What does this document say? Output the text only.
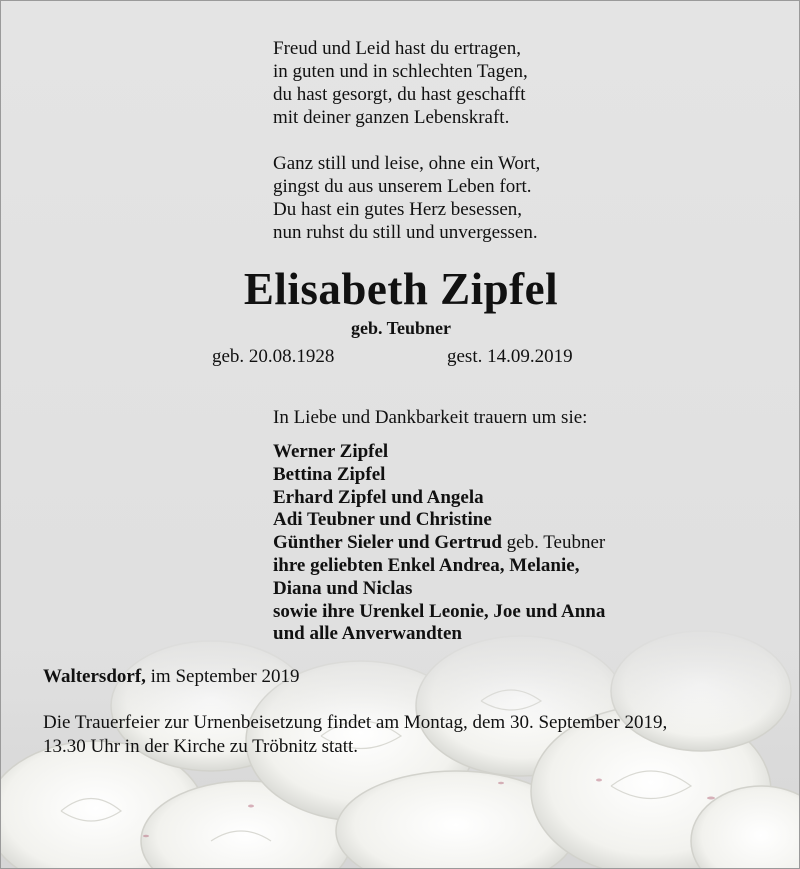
Freud und Leid hast du ertragen,
in guten und in schlechten Tagen,
du hast gesorgt, du hast geschafft
mit deiner ganzen Lebenskraft.
Ganz still und leise, ohne ein Wort,
gingst du aus unserem Leben fort.
Du hast ein gutes Herz besessen,
nun ruhst du still und unvergessen.
Elisabeth Zipfel
geb. Teubner
geb. 20.08.1928	gest. 14.09.2019
In Liebe und Dankbarkeit trauern um sie:
Werner Zipfel
Bettina Zipfel
Erhard Zipfel und Angela
Adi Teubner und Christine
Günther Sieler und Gertrud geb. Teubner
ihre geliebten Enkel Andrea, Melanie,
Diana und Niclas
sowie ihre Urenkel Leonie, Joe und Anna
und alle Anverwandten
Waltersdorf, im September 2019
Die Trauerfeier zur Urnenbeisetzung findet am Montag, dem 30. September 2019,
13.30 Uhr in der Kirche zu Tröbnitz statt.
